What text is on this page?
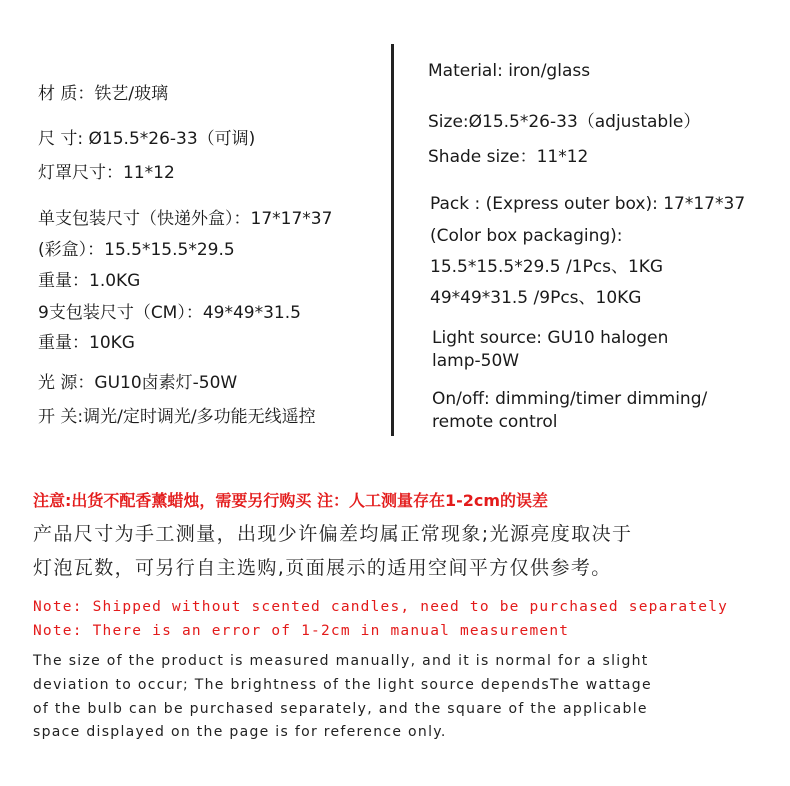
材 质：铁艺/玻璃
尺 寸: Ø15.5*26-33（可调)
灯罩尺寸：11*12
单支包装尺寸（快递外盒）：17*17*37
(彩盒）：15.5*15.5*29.5
重量：1.0KG
9支包装尺寸（CM）：49*49*31.5
重量：10KG
光 源：GU10卤素灯-50W
开 关:调光/定时调光/多功能无线遥控
Material: iron/glass
Size:Ø15.5*26-33（adjustable）
Shade size：11*12
Pack : (Express outer box): 17*17*37
(Color box packaging):
15.5*15.5*29.5 /1Pcs、1KG
49*49*31.5 /9Pcs、10KG
Light source: GU10 halogen
lamp-50W
On/off: dimming/timer dimming/
remote control
注意:出货不配香薰蜡烛，需要另行购买 注：人工测量存在1-2cm的误差
产品尺寸为手工测量，出现少许偏差均属正常现象;光源亮度取决于
灯泡瓦数，可另行自主选购,页面展示的适用空间平方仅供参考。
Note: Shipped without scented candles, need to be purchased separately
Note: There is an error of 1-2cm in manual measurement
The size of the product is measured manually, and it is normal for a slight
deviation to occur; The brightness of the light source dependsThe wattage
of the bulb can be purchased separately, and the square of the applicable
space displayed on the page is for reference only.
